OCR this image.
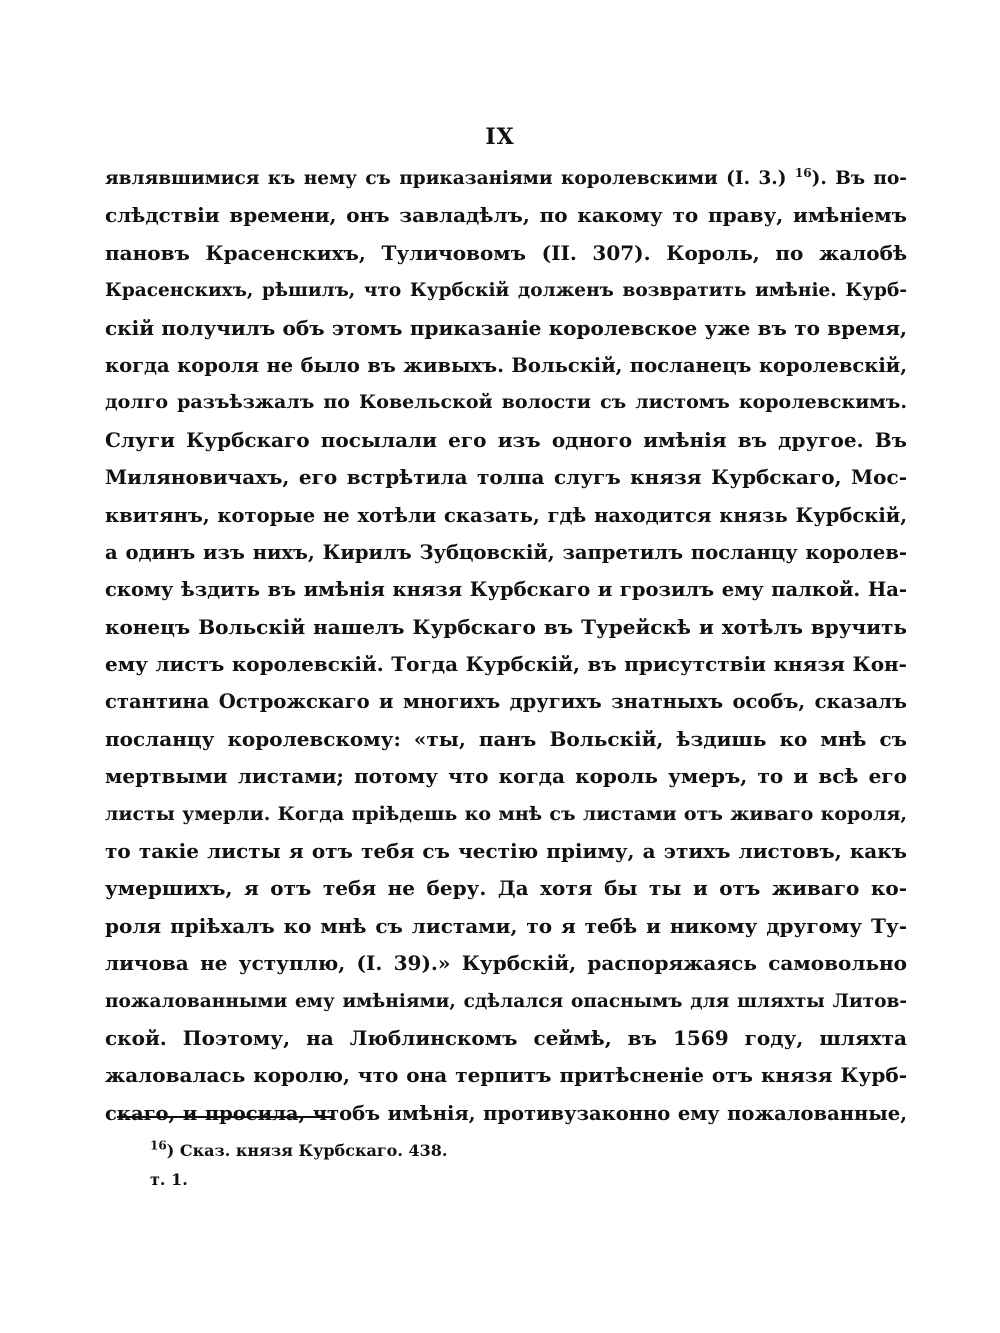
IX
являвшимися къ нему съ приказаніями королевскими (I. 3.) $^{16}$). Въ по-
слѣдствіи времени, онъ завладѣлъ, по какому то праву, имѣніемъ
пановъ Красенскихъ, Туличовомъ (II. 307). Король, по жалобѣ
Красенскихъ, рѣшилъ, что Курбскій долженъ возвратить имѣніе. Курб-
скій получилъ объ этомъ приказаніе королевское уже въ то время,
когда короля не было въ живыхъ. Вольскій, посланецъ королевскій,
долго разъѣзжалъ по Ковельской волости съ листомъ королевскимъ.
Слуги Курбскаго посылали его изъ одного имѣнія въ другое. Въ
Миляновичахъ, его встрѣтила толпа слугъ князя Курбскаго, Мос-
квитянъ, которые не хотѣли сказать, гдѣ находится князь Курбскій,
а одинъ изъ нихъ, Кирилъ Зубцовскій, запретилъ посланцу королев-
скому ѣздить въ имѣнія князя Курбскаго и грозилъ ему палкой. На-
конецъ Вольскій нашелъ Курбскаго въ Турейскѣ и хотѣлъ вручить
ему листъ королевскій. Тогда Курбскій, въ присутствіи князя Кон-
стантина Острожскаго и многихъ другихъ знатныхъ особъ, сказалъ
посланцу королевскому: «ты, панъ Вольскій, ѣздишь ко мнѣ съ
мертвыми листами; потому что когда король умеръ, то и всѣ его
листы умерли. Когда пріѣдешь ко мнѣ съ листами отъ живаго короля,
то такіе листы я отъ тебя съ честію пріиму, а этихъ листовъ, какъ
умершихъ, я отъ тебя не беру. Да хотя бы ты и отъ живаго ко-
роля пріѣхалъ ко мнѣ съ листами, то я тебѣ и никому другому Ту-
личова не уступлю, (I. 39).» Курбскій, распоряжаясь самовольно
пожалованными ему имѣніями, сдѣлался опаснымъ для шляхты Литов-
ской. Поэтому, на Люблинскомъ сеймѣ, въ 1569 году, шляхта
жаловалась королю, что она терпитъ притѣсненіе отъ князя Курб-
скаго, и просила, чтобъ имѣнія, противузаконно ему пожалованные,
$^{16}$) Сказ. князя Курбскаго. 438.
т. 1.
